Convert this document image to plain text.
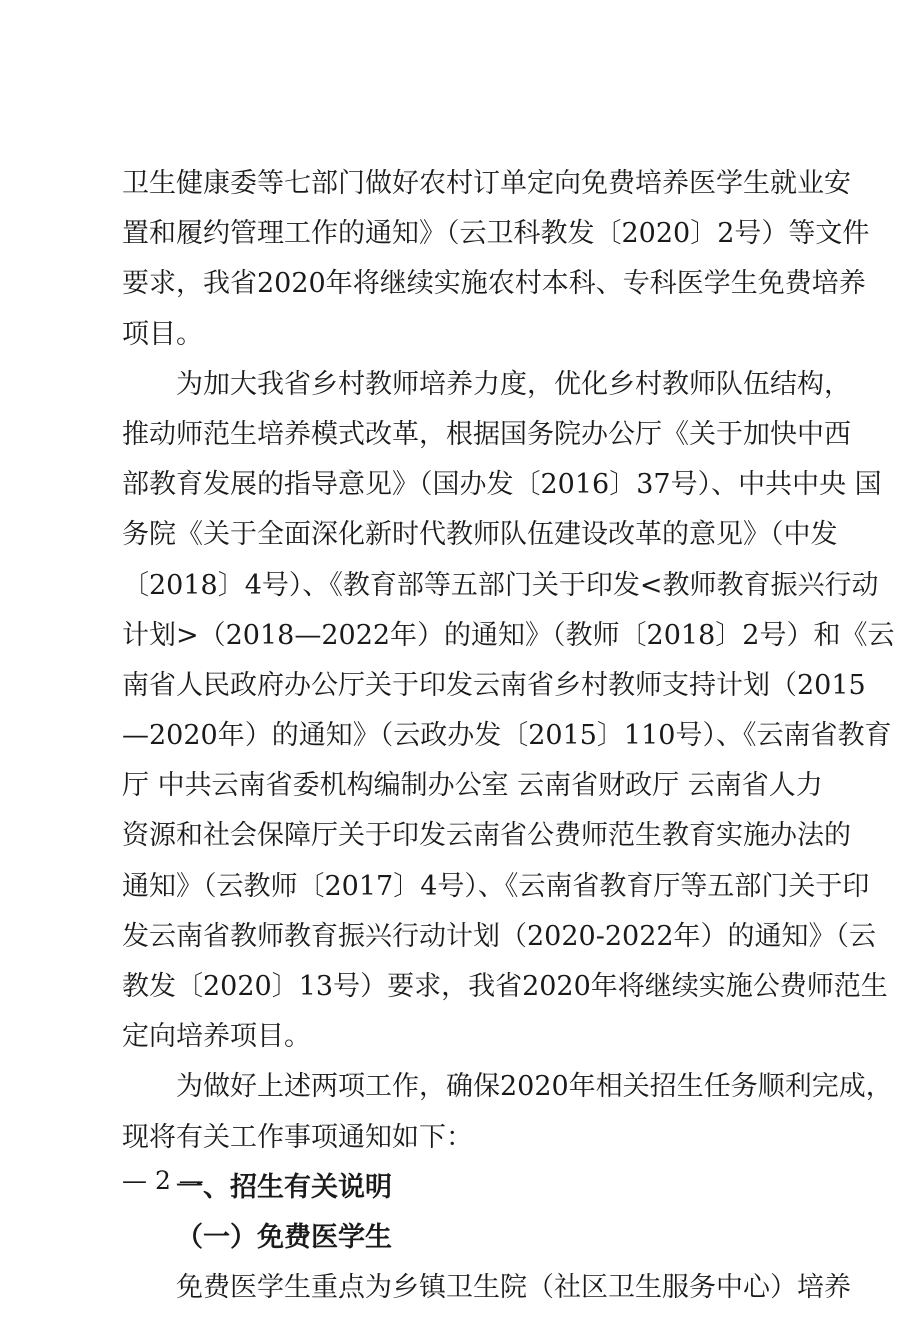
卫生健康委等七部门做好农村订单定向免费培养医学生就业安
置和履约管理工作的通知》（云卫科教发〔2020〕2号）等文件
要求，我省2020年将继续实施农村本科、专科医学生免费培养
项目。
为加大我省乡村教师培养力度，优化乡村教师队伍结构，
推动师范生培养模式改革，根据国务院办公厅《关于加快中西
部教育发展的指导意见》（国办发〔2016〕37号）、中共中央 国
务院《关于全面深化新时代教师队伍建设改革的意见》（中发
〔2018〕4号）、《教育部等五部门关于印发<教师教育振兴行动
计划>（2018—2022年）的通知》（教师〔2018〕2号）和《云
南省人民政府办公厅关于印发云南省乡村教师支持计划（2015
—2020年）的通知》（云政办发〔2015〕110号）、《云南省教育
厅 中共云南省委机构编制办公室 云南省财政厅 云南省人力
资源和社会保障厅关于印发云南省公费师范生教育实施办法的
通知》（云教师〔2017〕4号）、《云南省教育厅等五部门关于印
发云南省教师教育振兴行动计划（2020-2022年）的通知》（云
教发〔2020〕13号）要求，我省2020年将继续实施公费师范生
定向培养项目。
为做好上述两项工作，确保2020年相关招生任务顺利完成，
现将有关工作事项通知如下：
一、招生有关说明
（一）免费医学生
免费医学生重点为乡镇卫生院（社区卫生服务中心）培养
— 2 —
